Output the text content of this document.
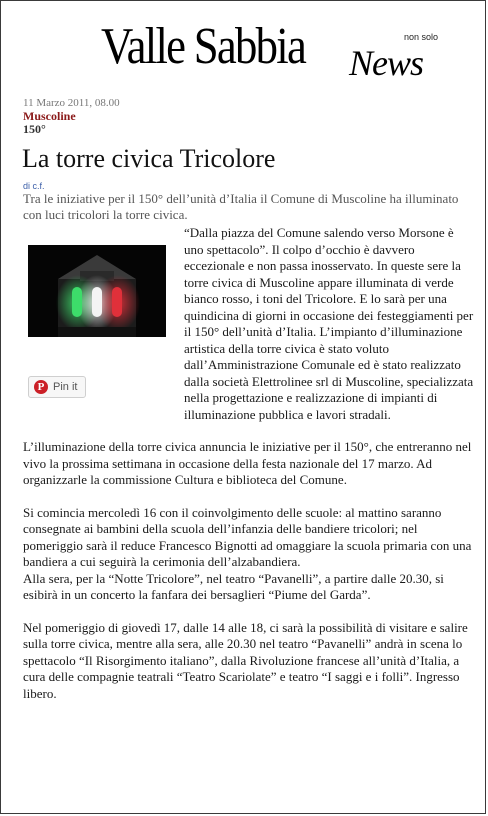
Valle Sabbia	non solo
News
11 Marzo 2011, 08.00
Muscoline
150°
La torre civica Tricolore
di c.f.
Tra le iniziative per il 150° dell’unità d’Italia il Comune di Muscoline ha illuminato con luci tricolori la torre civica.

“Dalla piazza del Comune salendo verso Morsone è uno spettacolo”. Il colpo d’occhio è davvero eccezionale e non passa inosservato. In queste sere la torre civica di Muscoline appare illuminata di verde bianco rosso, i toni del Tricolore. E lo sarà per una quindicina di giorni in occasione dei festeggiamenti per il 150° dell’unità d’Italia. L’impianto d’illuminazione artistica della torre civica è stato voluto dall’Amministrazione Comunale ed è stato realizzato dalla società Elettrolinee srl di Muscoline, specializzata nella progettazione e realizzazione di impianti di illuminazione pubblica e lavori stradali.

L’illuminazione della torre civica annuncia le iniziative per il 150°, che entreranno nel vivo la prossima settimana in occasione della festa nazionale del 17 marzo. Ad organizzarle la commissione Cultura e biblioteca del Comune.

Si comincia mercoledì 16 con il coinvolgimento delle scuole: al mattino saranno consegnate ai bambini della scuola dell’infanzia delle bandiere tricolori; nel pomeriggio sarà il reduce Francesco Bignotti ad omaggiare la scuola primaria con una bandiera a cui seguirà la cerimonia dell’alzabandiera.

Alla sera, per la “Notte Tricolore”, nel teatro “Pavanelli”, a partire dalle 20.30, si esibirà in un concerto la fanfara dei bersaglieri “Piume del Garda”.

Nel pomeriggio di giovedì 17, dalle 14 alle 18, ci sarà la possibilità di visitare e salire sulla torre civica, mentre alla sera, alle 20.30 nel teatro “Pavanelli” andrà in scena lo spettacolo “Il Risorgimento italiano”, dalla Rivoluzione francese all’unità d’Italia, a cura delle compagnie teatrali “Teatro Scariolate” e teatro “I saggi e i folli”. Ingresso libero.

P Pin it
